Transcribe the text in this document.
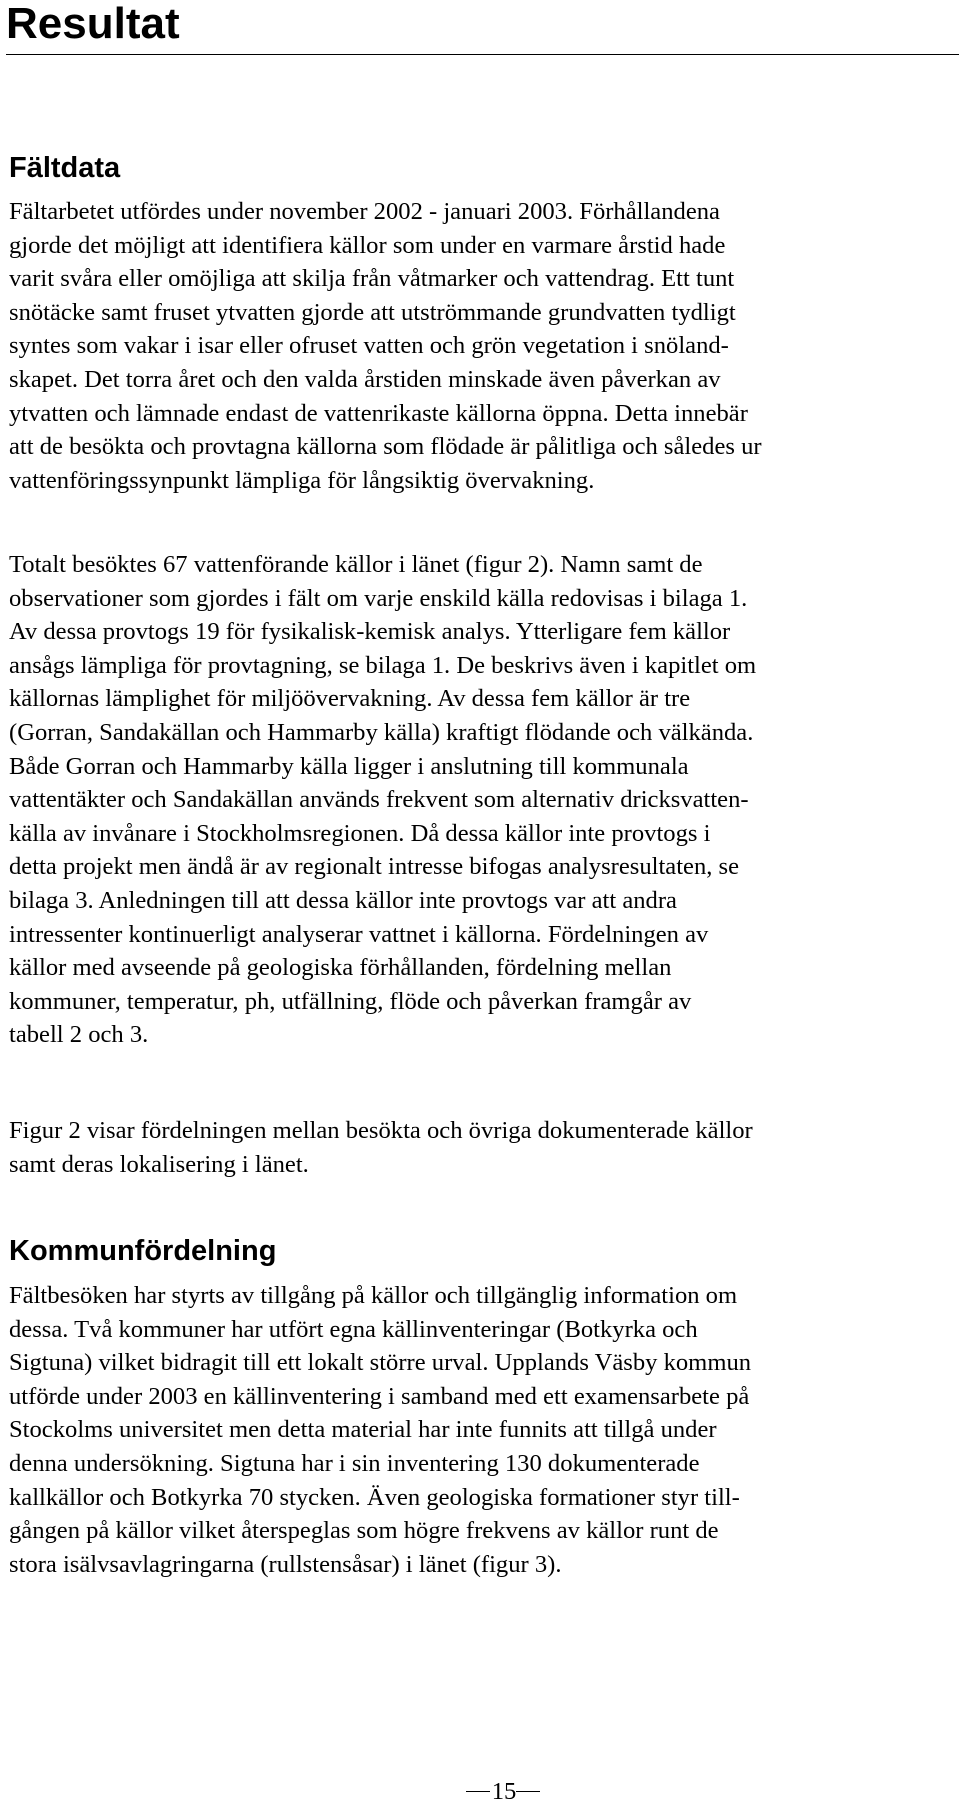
Resultat
Fältdata
Fältarbetet utfördes under november 2002 - januari 2003. Förhållandena
gjorde det möjligt att identifiera källor som under en varmare årstid hade
varit svåra eller omöjliga att skilja från våtmarker och vattendrag. Ett tunt
snötäcke samt fruset ytvatten gjorde att utströmmande grundvatten tydligt
syntes som vakar i isar eller ofruset vatten och grön vegetation i snöland-
skapet. Det torra året och den valda årstiden minskade även påverkan av
ytvatten och lämnade endast de vattenrikaste källorna öppna. Detta innebär
att de besökta och provtagna källorna som flödade är pålitliga och således ur
vattenföringssynpunkt lämpliga för långsiktig övervakning.
Totalt besöktes 67 vattenförande källor i länet (figur 2). Namn samt de
observationer som gjordes i fält om varje enskild källa redovisas i bilaga 1.
Av dessa provtogs 19 för fysikalisk-kemisk analys. Ytterligare fem källor
ansågs lämpliga för provtagning, se bilaga 1. De beskrivs även i kapitlet om
källornas lämplighet för miljöövervakning. Av dessa fem källor är tre
(Gorran, Sandakällan och Hammarby källa) kraftigt flödande och välkända.
Både Gorran och Hammarby källa ligger i anslutning till kommunala
vattentäkter och Sandakällan används frekvent som alternativ dricksvatten-
källa av invånare i Stockholmsregionen. Då dessa källor inte provtogs i
detta projekt men ändå är av regionalt intresse bifogas analysresultaten, se
bilaga 3. Anledningen till att dessa källor inte provtogs var att andra
intressenter kontinuerligt analyserar vattnet i källorna. Fördelningen av
källor med avseende på geologiska förhållanden, fördelning mellan
kommuner, temperatur, ph, utfällning, flöde och påverkan framgår av
tabell 2 och 3.
Figur 2 visar fördelningen mellan besökta och övriga dokumenterade källor
samt deras lokalisering i länet.
Kommunfördelning
Fältbesöken har styrts av tillgång på källor och tillgänglig information om
dessa. Två kommuner har utfört egna källinventeringar (Botkyrka och
Sigtuna) vilket bidragit till ett lokalt större urval. Upplands Väsby kommun
utförde under 2003 en källinventering i samband med ett examensarbete på
Stockolms universitet men detta material har inte funnits att tillgå under
denna undersökning. Sigtuna har i sin inventering 130 dokumenterade
kallkällor och Botkyrka 70 stycken. Även geologiska formationer styr till-
gången på källor vilket återspeglas som högre frekvens av källor runt de
stora isälvsavlagringarna (rullstensåsar) i länet (figur 3).
15
